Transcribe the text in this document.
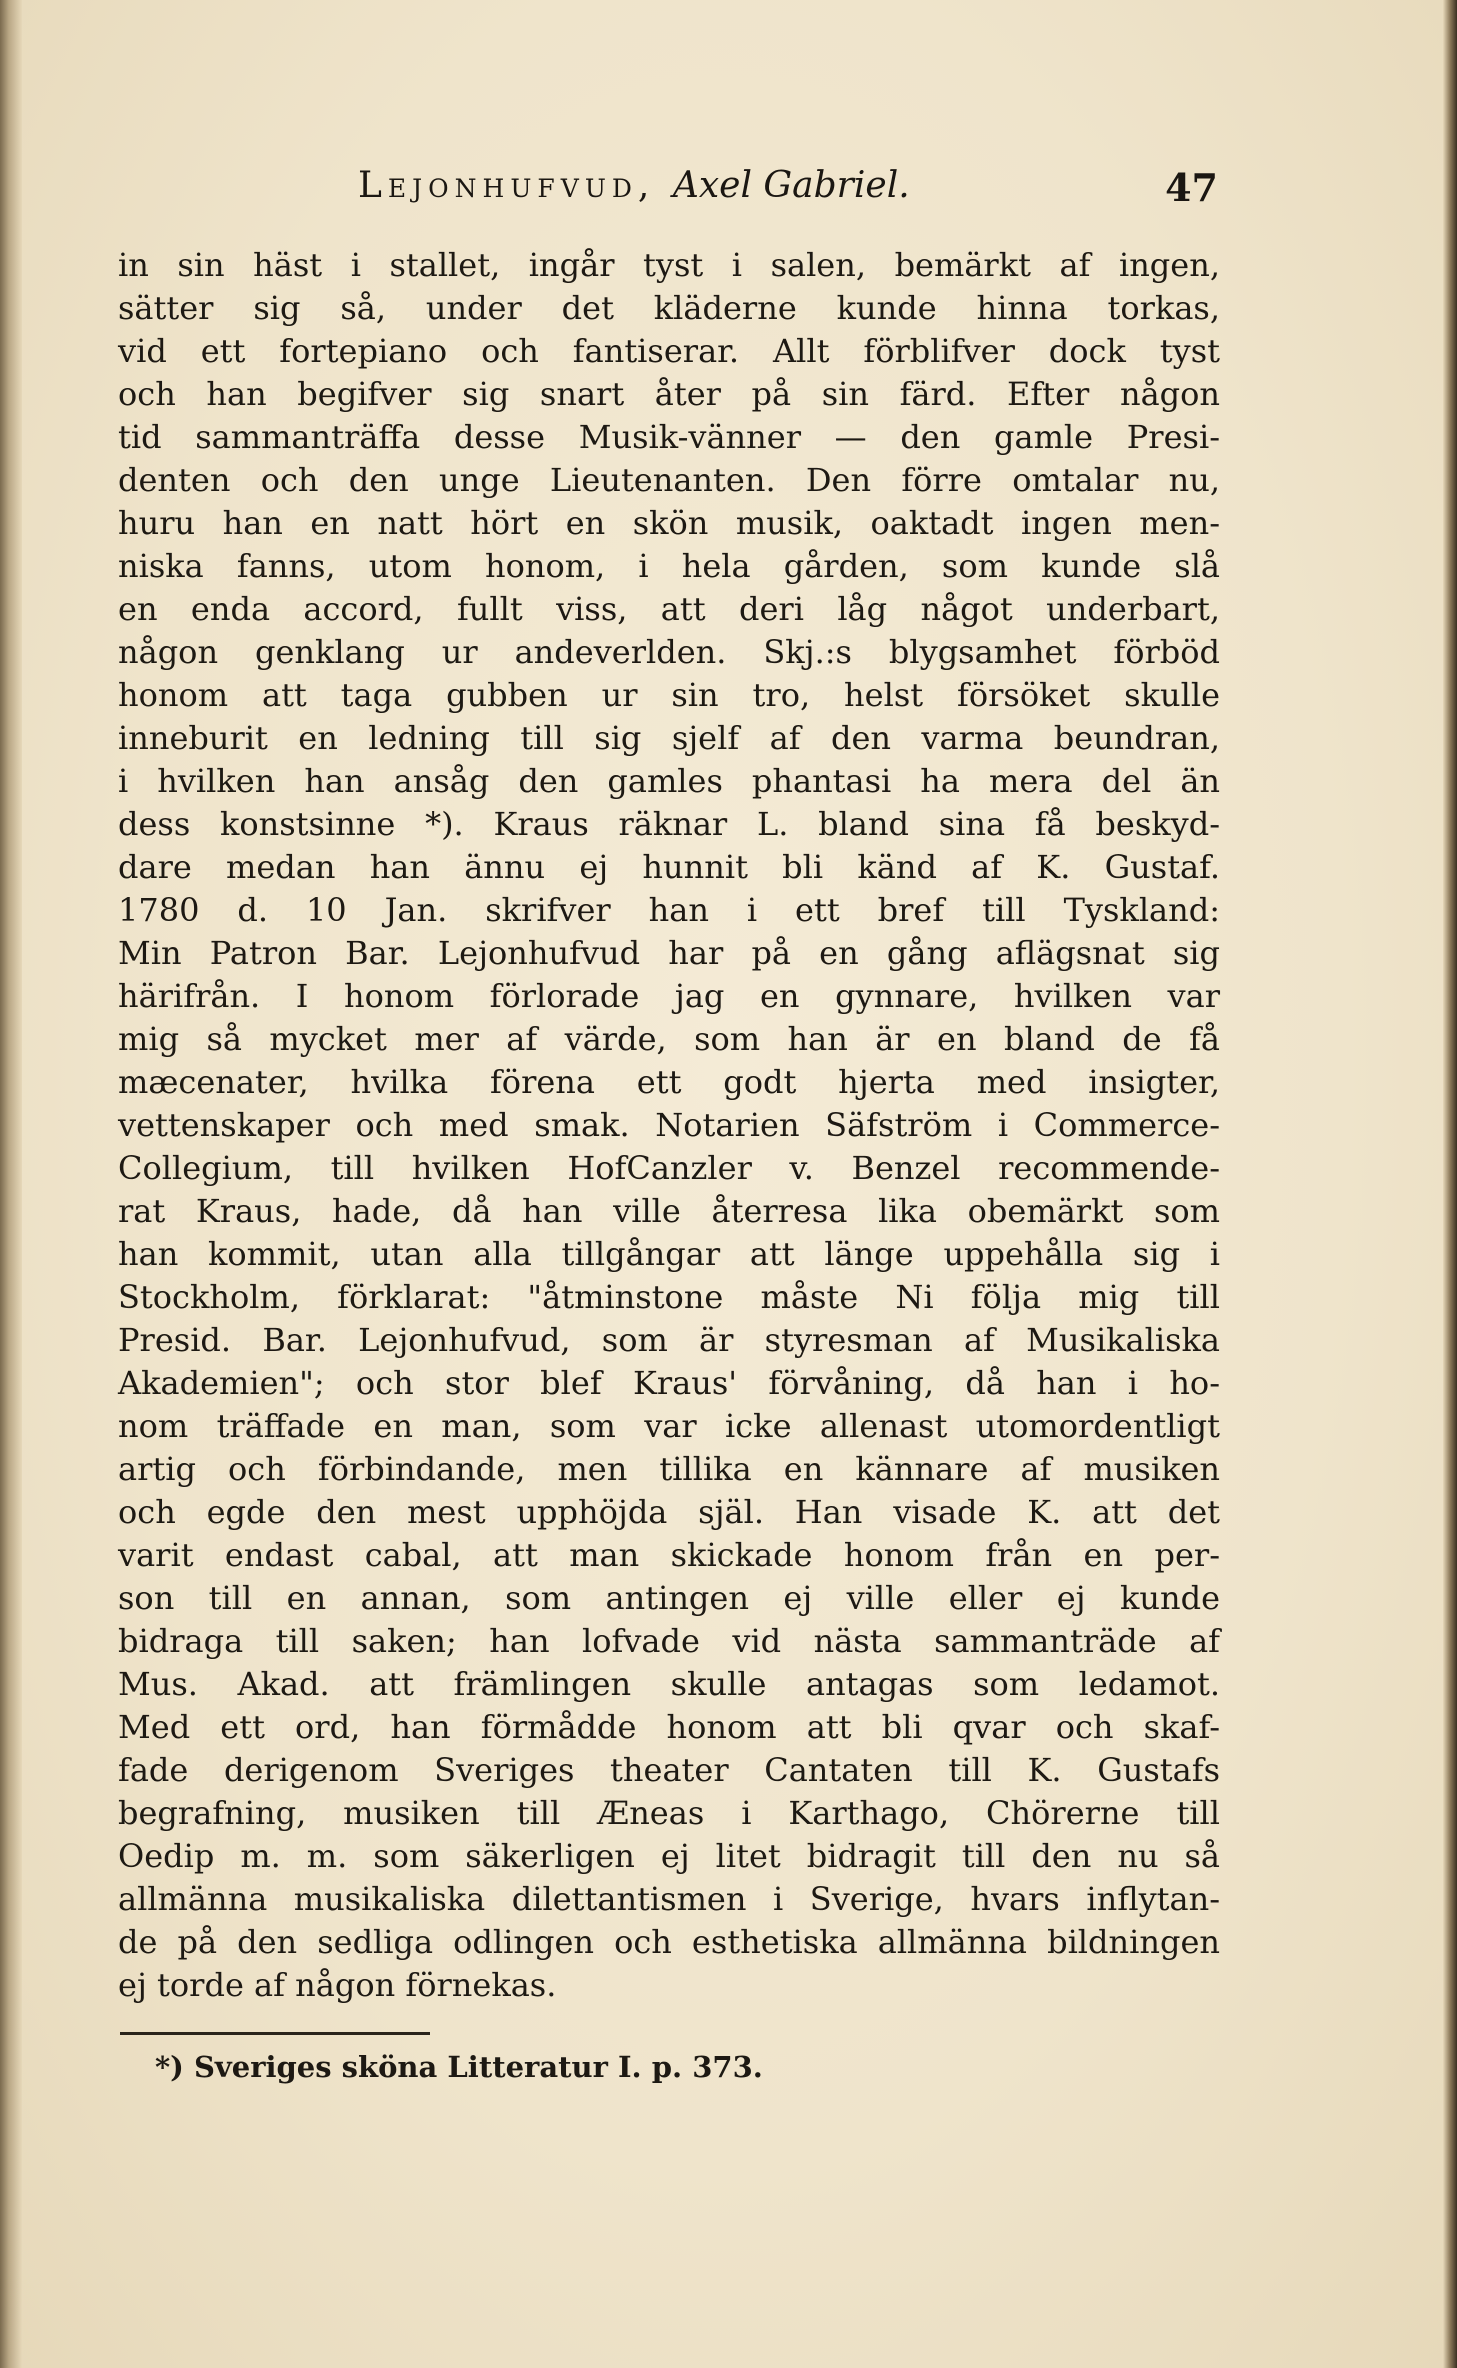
Lejonhufvud, Axel Gabriel.	47
in sin häst i stallet, ingår tyst i salen, bemärkt af ingen,
sätter sig så, under det kläderne kunde hinna torkas,
vid ett fortepiano och fantiserar. Allt förblifver dock tyst
och han begifver sig snart åter på sin färd. Efter någon
tid sammanträffa desse Musik-vänner — den gamle Presi-
denten och den unge Lieutenanten. Den förre omtalar nu,
huru han en natt hört en skön musik, oaktadt ingen men-
niska fanns, utom honom, i hela gården, som kunde slå
en enda accord, fullt viss, att deri låg något underbart,
någon genklang ur andeverlden. Skj.:s blygsamhet förböd
honom att taga gubben ur sin tro, helst försöket skulle
inneburit en ledning till sig sjelf af den varma beundran,
i hvilken han ansåg den gamles phantasi ha mera del än
dess konstsinne *). Kraus räknar L. bland sina få beskyd-
dare medan han ännu ej hunnit bli känd af K. Gustaf.
1780 d. 10 Jan. skrifver han i ett bref till Tyskland:
Min Patron Bar. Lejonhufvud har på en gång aflägsnat sig
härifrån. I honom förlorade jag en gynnare, hvilken var
mig så mycket mer af värde, som han är en bland de få
mæcenater, hvilka förena ett godt hjerta med insigter,
vettenskaper och med smak. Notarien Säfström i Commerce-
Collegium, till hvilken HofCanzler v. Benzel recommende-
rat Kraus, hade, då han ville återresa lika obemärkt som
han kommit, utan alla tillgångar att länge uppehålla sig i
Stockholm, förklarat: "åtminstone måste Ni följa mig till
Presid. Bar. Lejonhufvud, som är styresman af Musikaliska
Akademien"; och stor blef Kraus' förvåning, då han i ho-
nom träffade en man, som var icke allenast utomordentligt
artig och förbindande, men tillika en kännare af musiken
och egde den mest upphöjda själ. Han visade K. att det
varit endast cabal, att man skickade honom från en per-
son till en annan, som antingen ej ville eller ej kunde
bidraga till saken; han lofvade vid nästa sammanträde af
Mus. Akad. att främlingen skulle antagas som ledamot.
Med ett ord, han förmådde honom att bli qvar och skaf-
fade derigenom Sveriges theater Cantaten till K. Gustafs
begrafning, musiken till Æneas i Karthago, Chörerne till
Oedip m. m. som säkerligen ej litet bidragit till den nu så
allmänna musikaliska dilettantismen i Sverige, hvars inflytan-
de på den sedliga odlingen och esthetiska allmänna bildningen
ej torde af någon förnekas.
*) Sveriges sköna Litteratur I. p. 373.
